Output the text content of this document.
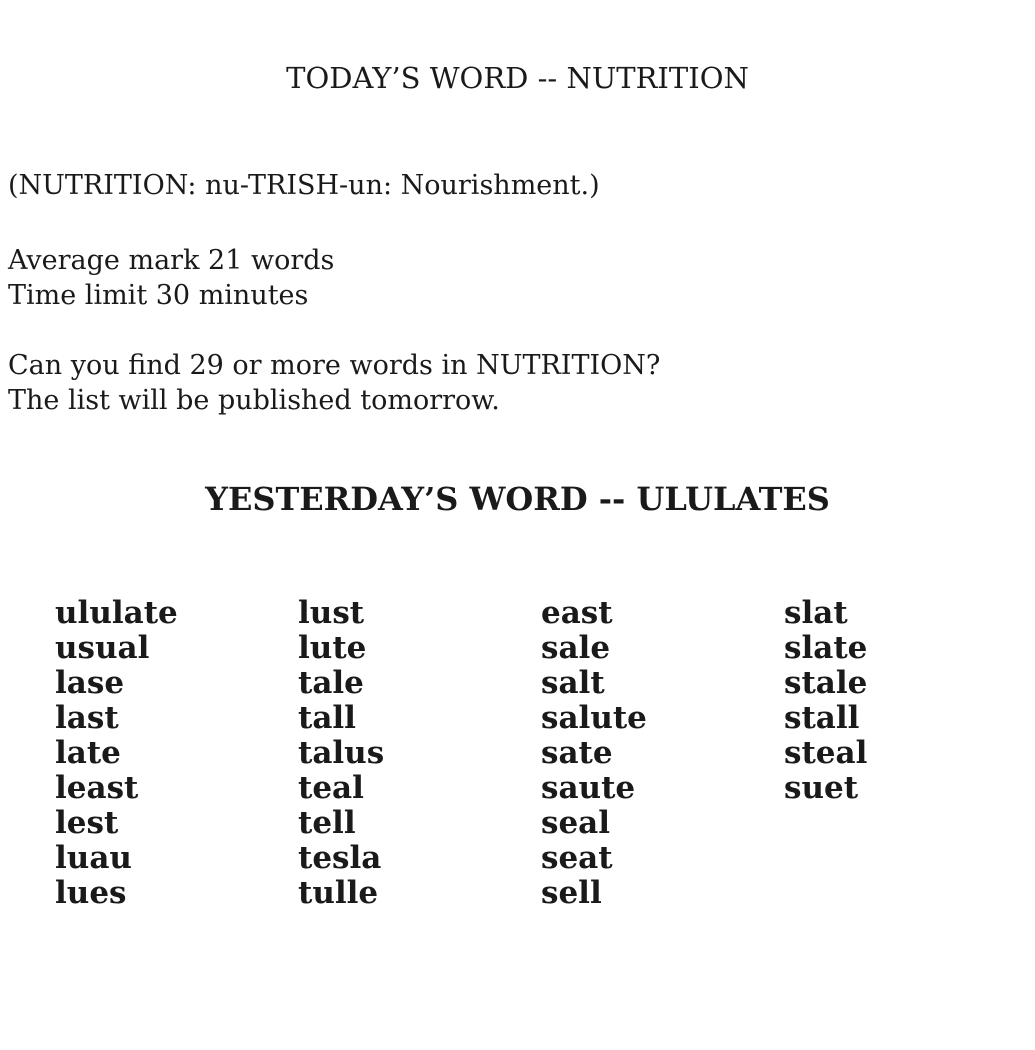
TODAY’S WORD -- NUTRITION
(NUTRITION: nu-TRISH-un: Nourishment.)
Average mark 21 words
Time limit 30 minutes
Can you find 29 or more words in NUTRITION?
The list will be published tomorrow.
YESTERDAY’S WORD -- ULULATES
ululate
usual
lase
last
late
least
lest
luau
lues
lust
lute
tale
tall
talus
teal
tell
tesla
tulle
east
sale
salt
salute
sate
saute
seal
seat
sell
slat
slate
stale
stall
steal
suet
